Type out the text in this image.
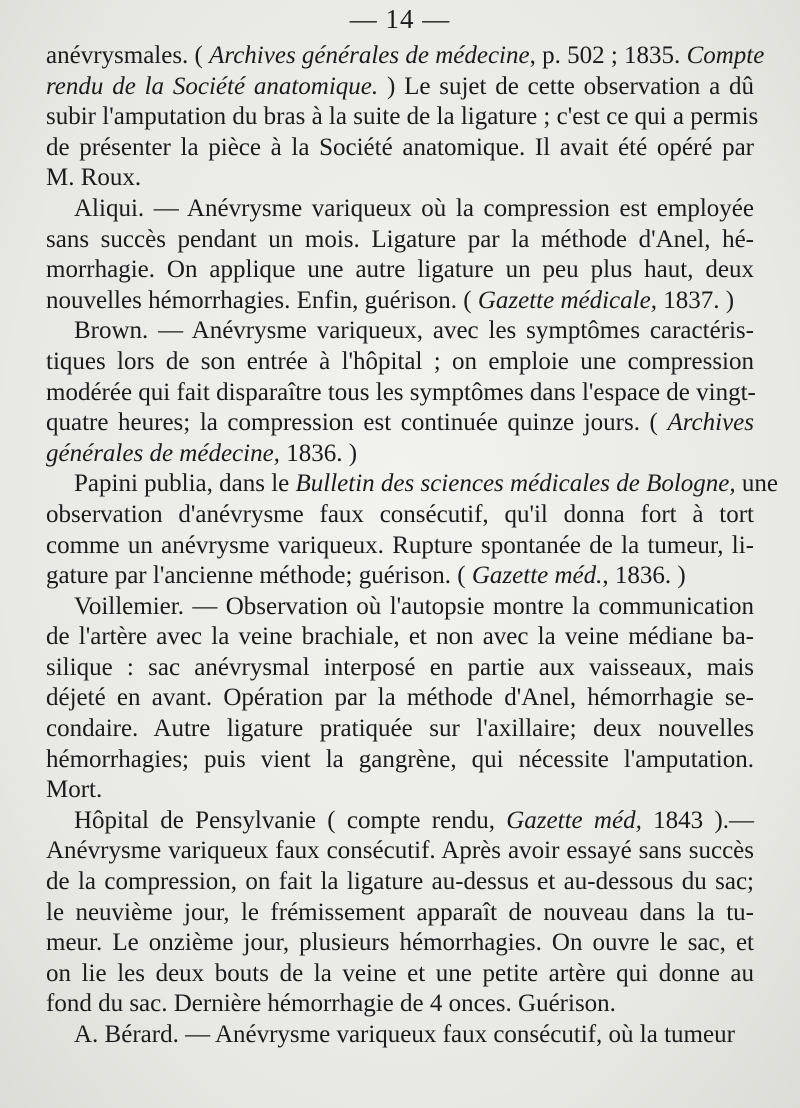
— 14 —
anévrysmales. ( Archives générales de médecine, p. 502 ; 1835. Compte
rendu de la Société anatomique. ) Le sujet de cette observation a dû
subir l'amputation du bras à la suite de la ligature ; c'est ce qui a permis
de présenter la pièce à la Société anatomique. Il avait été opéré par
M. Roux.
Aliqui. — Anévrysme variqueux où la compression est employée
sans succès pendant un mois. Ligature par la méthode d'Anel, hé-
morrhagie. On applique une autre ligature un peu plus haut, deux
nouvelles hémorrhagies. Enfin, guérison. ( Gazette médicale, 1837. )
Brown. — Anévrysme variqueux, avec les symptômes caractéris-
tiques lors de son entrée à l'hôpital ; on emploie une compression
modérée qui fait disparaître tous les symptômes dans l'espace de vingt-
quatre heures; la compression est continuée quinze jours. ( Archives
générales de médecine, 1836. )
Papini publia, dans le Bulletin des sciences médicales de Bologne, une
observation d'anévrysme faux consécutif, qu'il donna fort à tort
comme un anévrysme variqueux. Rupture spontanée de la tumeur, li-
gature par l'ancienne méthode; guérison. ( Gazette méd., 1836. )
Voillemier. — Observation où l'autopsie montre la communication
de l'artère avec la veine brachiale, et non avec la veine médiane ba-
silique : sac anévrysmal interposé en partie aux vaisseaux, mais
déjeté en avant. Opération par la méthode d'Anel, hémorrhagie se-
condaire. Autre ligature pratiquée sur l'axillaire; deux nouvelles
hémorrhagies; puis vient la gangrène, qui nécessite l'amputation.
Mort.
Hôpital de Pensylvanie ( compte rendu, Gazette méd, 1843 ).—
Anévrysme variqueux faux consécutif. Après avoir essayé sans succès
de la compression, on fait la ligature au-dessus et au-dessous du sac;
le neuvième jour, le frémissement apparaît de nouveau dans la tu-
meur. Le onzième jour, plusieurs hémorrhagies. On ouvre le sac, et
on lie les deux bouts de la veine et une petite artère qui donne au
fond du sac. Dernière hémorrhagie de 4 onces. Guérison.
A. Bérard. — Anévrysme variqueux faux consécutif, où la tumeur
